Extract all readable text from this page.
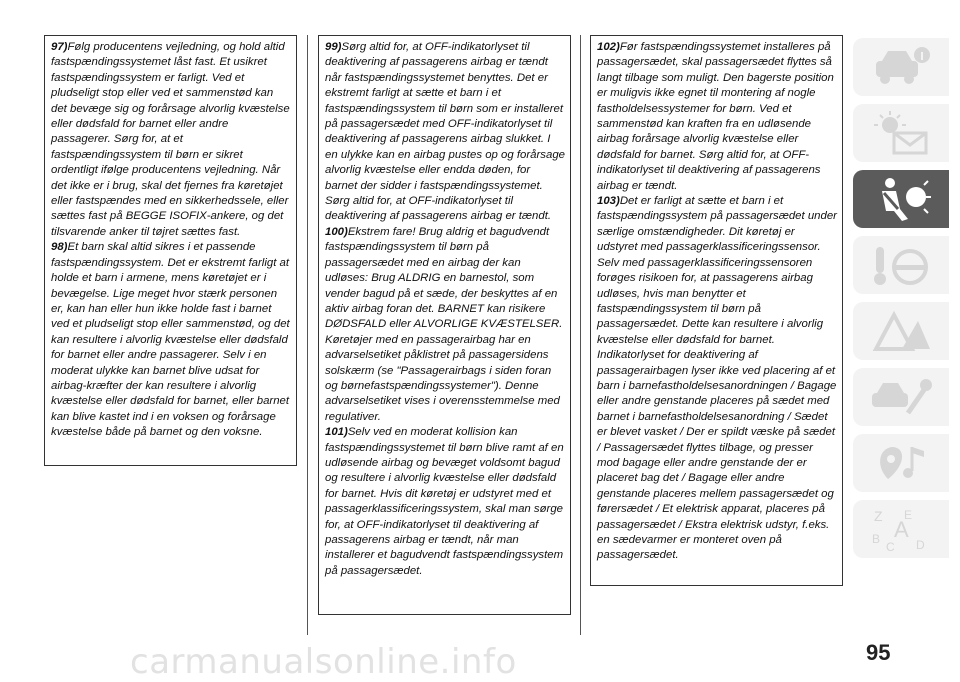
97)Følg producentens vejledning, og hold altid fastspændingssystemet låst fast. Et usikret fastspændingssystem er farligt. Ved et pludseligt stop eller ved et sammenstød kan det bevæge sig og forårsage alvorlig kvæstelse eller dødsfald for barnet eller andre passagerer. Sørg for, at et fastspændingssystem til børn er sikret ordentligt ifølge producentens vejledning. Når det ikke er i brug, skal det fjernes fra køretøjet eller fastspændes med en sikkerhedssele, eller sættes fast på BEGGE ISOFIX-ankere, og det tilsvarende anker til tøjret sættes fast.

98)Et barn skal altid sikres i et passende fastspændingssystem. Det er ekstremt farligt at holde et barn i armene, mens køretøjet er i bevægelse. Lige meget hvor stærk personen er, kan han eller hun ikke holde fast i barnet ved et pludseligt stop eller sammenstød, og det kan resultere i alvorlig kvæstelse eller dødsfald for barnet eller andre passagerer. Selv i en moderat ulykke kan barnet blive udsat for airbag-kræfter der kan resultere i alvorlig kvæstelse eller dødsfald for barnet, eller barnet kan blive kastet ind i en voksen og forårsage kvæstelse både på barnet og den voksne.

99)Sørg altid for, at OFF-indikatorlyset til deaktivering af passagerens airbag er tændt når fastspændingssystemet benyttes. Det er ekstremt farligt at sætte et barn i et fastspændingssystem til børn som er installeret på passagersædet med OFF-indikatorlyset til deaktivering af passagerens airbag slukket. I en ulykke kan en airbag pustes op og forårsage alvorlig kvæstelse eller endda døden, for barnet der sidder i fastspændingssystemet. Sørg altid for, at OFF-indikatorlyset til deaktivering af passagerens airbag er tændt.

100)Ekstrem fare! Brug aldrig et bagudvendt fastspændingssystem til børn på passagersædet med en airbag der kan udløses: Brug ALDRIG en barnestol, som vender bagud på et sæde, der beskyttes af en aktiv airbag foran det. BARNET kan risikere DØDSFALD eller ALVORLIGE KVÆSTELSER. Køretøjer med en passagerairbag har en advarselsetiket påklistret på passagersidens solskærm (se "Passagerairbags i siden foran og børnefastspændingssystemer"). Denne advarselsetiket vises i overensstemmelse med regulativer.

101)Selv ved en moderat kollision kan fastspændingssystemet til børn blive ramt af en udløsende airbag og bevæget voldsomt bagud og resultere i alvorlig kvæstelse eller dødsfald for barnet. Hvis dit køretøj er udstyret med et passagerklassificeringssystem, skal man sørge for, at OFF-indikatorlyset til deaktivering af passagerens airbag er tændt, når man installerer et bagudvendt fastspændingssystem på passagersædet.

102)Før fastspændingssystemet installeres på passagersædet, skal passagersædet flyttes så langt tilbage som muligt. Den bagerste position er muligvis ikke egnet til montering af nogle fastholdelsessystemer for børn. Ved et sammenstød kan kraften fra en udløsende airbag forårsage alvorlig kvæstelse eller dødsfald for barnet. Sørg altid for, at OFF-indikatorlyset til deaktivering af passagerens airbag er tændt.

103)Det er farligt at sætte et barn i et fastspændingssystem på passagersædet under særlige omstændigheder. Dit køretøj er udstyret med passagerklassificeringssensor. Selv med passagerklassificeringssensoren forøges risikoen for, at passagerens airbag udløses, hvis man benytter et fastspændingssystem til børn på passagersædet. Dette kan resultere i alvorlig kvæstelse eller dødsfald for barnet. Indikatorlyset for deaktivering af passagerairbagen lyser ikke ved placering af et barn i barnefastholdelsesanordningen / Bagage eller andre genstande placeres på sædet med barnet i barnefastholdelsesanordning / Sædet er blevet vasket / Der er spildt væske på sædet / Passagersædet flyttes tilbage, og presser mod bagage eller andre genstande der er placeret bag det / Bagage eller andre genstande placeres mellem passagersædet og førersædet / Et elektrisk apparat, placeres på passagersædet / Ekstra elektrisk udstyr, f.eks. en sædevarmer er monteret oven på passagersædet.

Z E
A
B
C D
carmanualsonline.info	95
